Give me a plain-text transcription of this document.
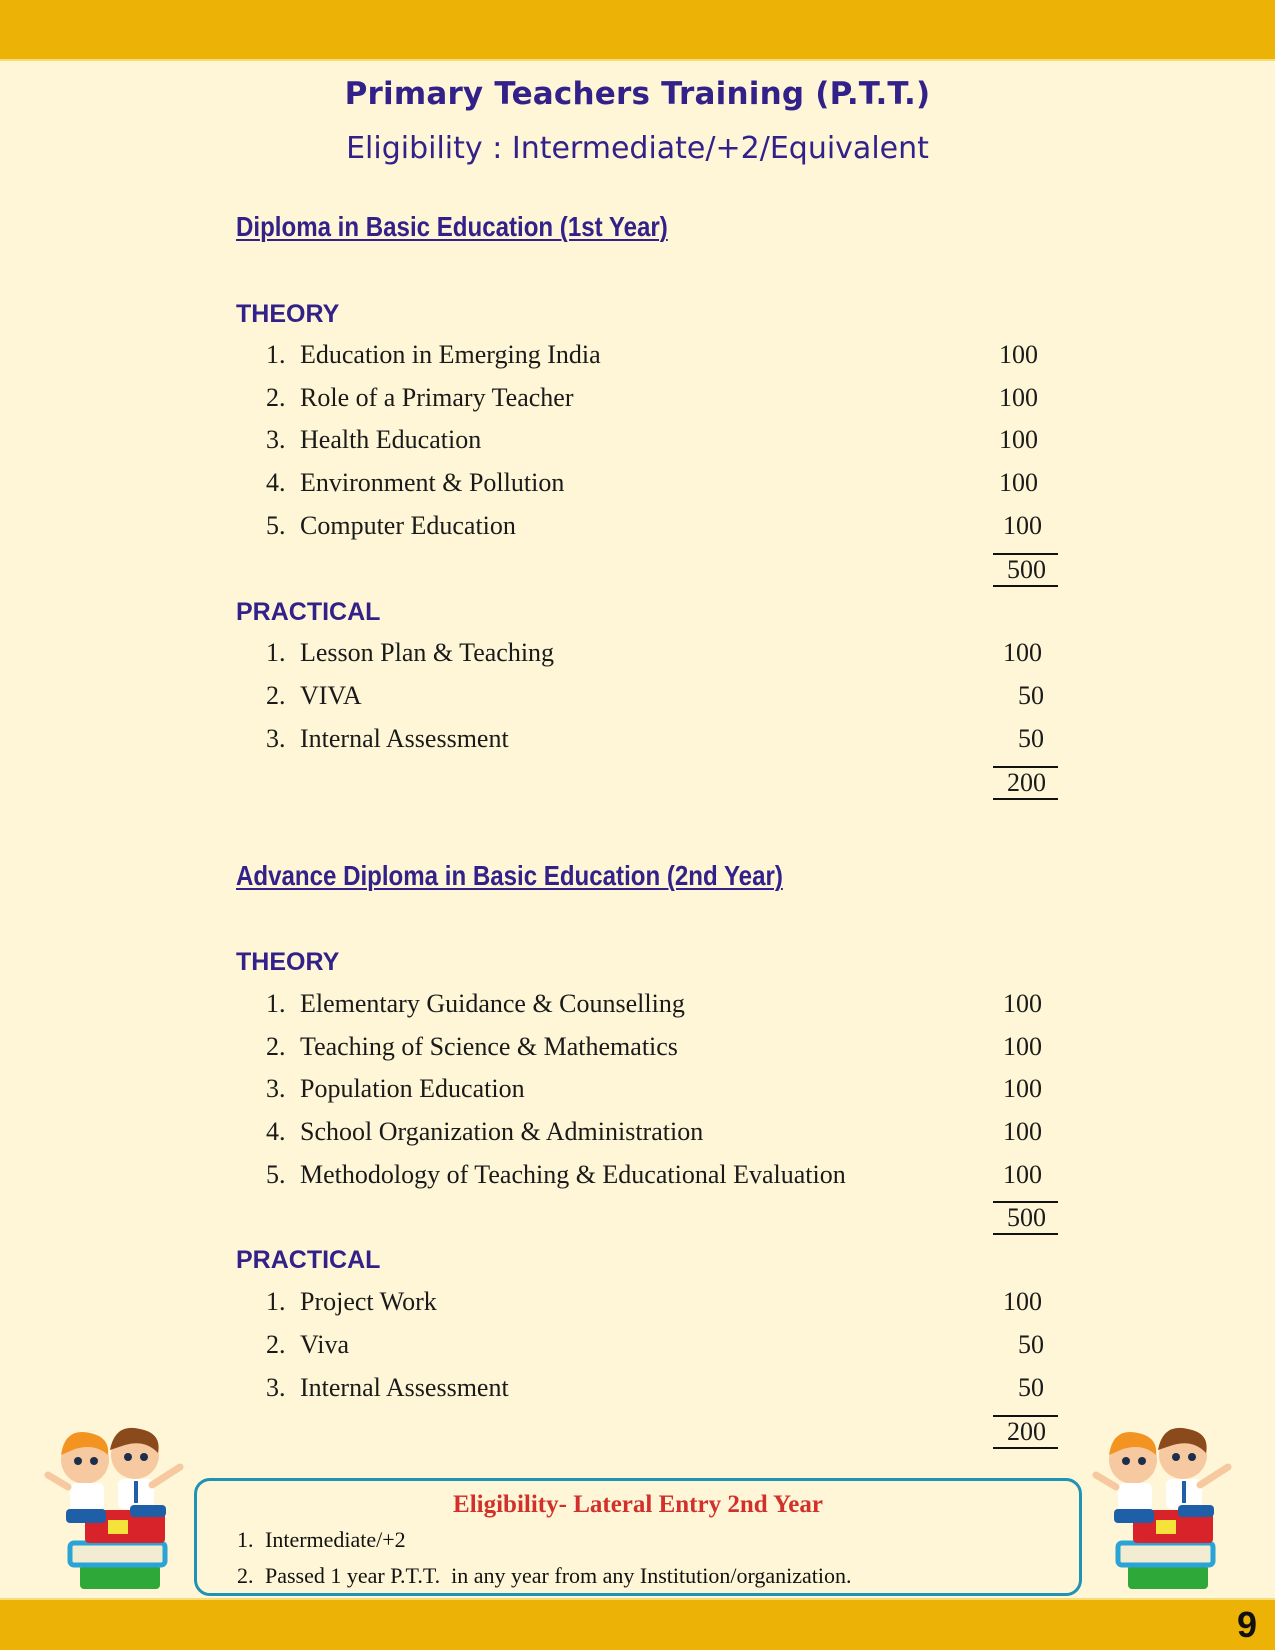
Primary Teachers Training (P.T.T.)
Eligibility : Intermediate/+2/Equivalent
Diploma in Basic Education (1st Year)
THEORY
1. Education in Emerging India	100
2. Role of a Primary Teacher	100
3. Health Education	100
4. Environment & Pollution	100
5. Computer Education	100
500
PRACTICAL
1. Lesson Plan & Teaching	100
2. VIVA	50
3. Internal Assessment	50
200
Advance Diploma in Basic Education (2nd Year)
THEORY
1. Elementary Guidance & Counselling	100
2. Teaching of Science & Mathematics	100
3. Population Education	100
4. School Organization & Administration	100
5. Methodology of Teaching & Educational Evaluation	100
500
PRACTICAL
1. Project Work	100
2. Viva	50
3. Internal Assessment	50
200
Eligibility- Lateral Entry 2nd Year
1. Intermediate/+2
2. Passed 1 year P.T.T.  in any year from any Institution/organization.
9
